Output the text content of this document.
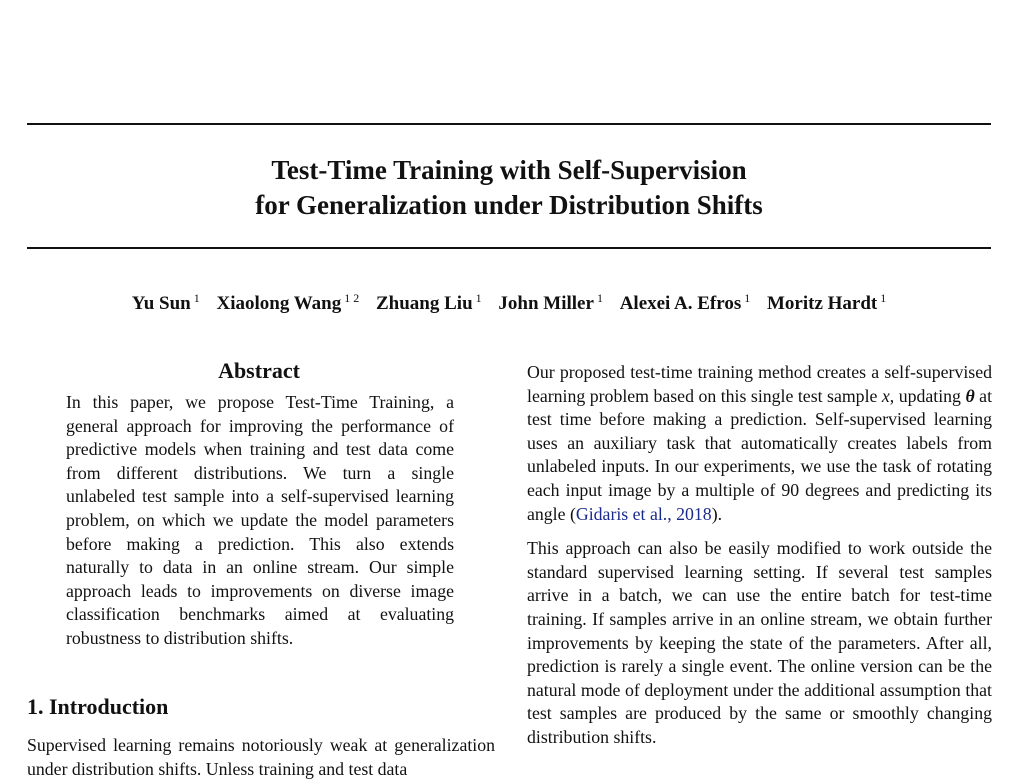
Test-Time Training with Self-Supervision
for Generalization under Distribution Shifts

Yu Sun $^1$ Xiaolong Wang $^{1 2}$ Zhuang Liu $^1$ John Miller $^1$ Alexei A. Efros $^1$ Moritz Hardt $^1$

Abstract

In this paper, we propose Test-Time Training, a general approach for improving the performance of predictive models when training and test data come from different distributions. We turn a single unlabeled test sample into a self-supervised learning problem, on which we update the model parameters before making a prediction. This also extends naturally to data in an online stream. Our simple approach leads to improvements on diverse image classification benchmarks aimed at evaluating robustness to distribution shifts.

1. Introduction

Supervised learning remains notoriously weak at generalization under distribution shifts. Unless training and test data

Our proposed test-time training method creates a self-supervised learning problem based on this single test sample x, updating θ at test time before making a prediction. Self-supervised learning uses an auxiliary task that automatically creates labels from unlabeled inputs. In our experiments, we use the task of rotating each input image by a multiple of 90 degrees and predicting its angle (Gidaris et al., 2018).

This approach can also be easily modified to work outside the standard supervised learning setting. If several test samples arrive in a batch, we can use the entire batch for test-time training. If samples arrive in an online stream, we obtain further improvements by keeping the state of the parameters. After all, prediction is rarely a single event. The online version can be the natural mode of deployment under the additional assumption that test samples are produced by the same or smoothly changing distribution shifts.
